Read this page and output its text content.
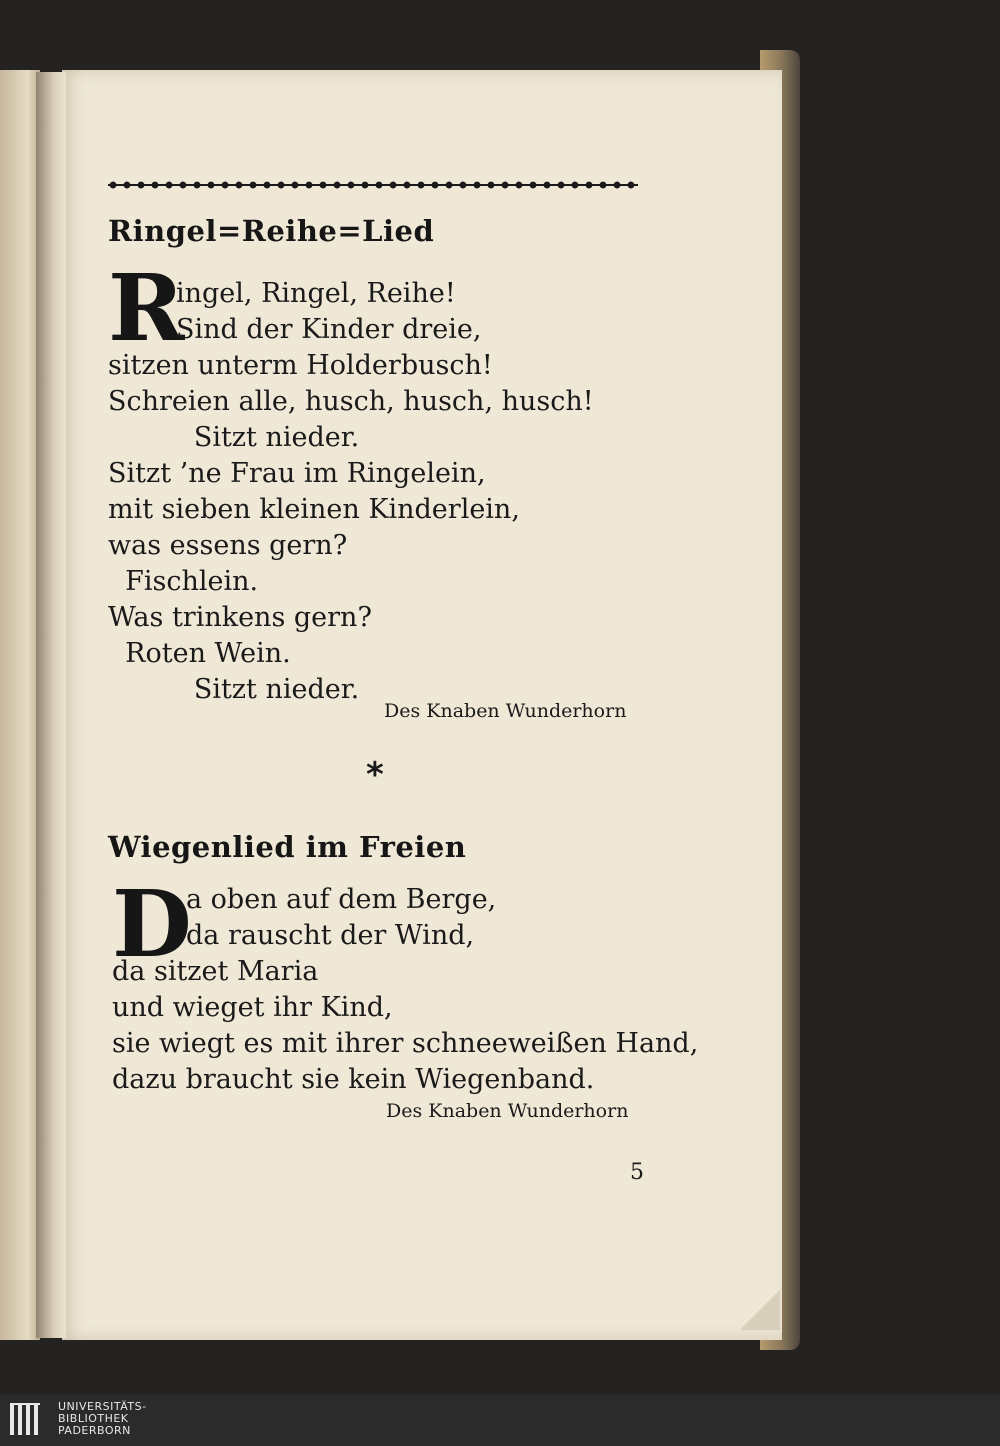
Ringel=Reihe=Lied
R
ingel, Ringel, Reihe!
Sind der Kinder dreie,
sitzen unterm Holderbusch!
Schreien alle, husch, husch, husch!
Sitzt nieder.
Sitzt ’ne Frau im Ringelein,
mit sieben kleinen Kinderlein,
was essens gern?
Fischlein.
Was trinkens gern?
Roten Wein.
Sitzt nieder.
Des Knaben Wunderhorn
*
Wiegenlied im Freien
D
a oben auf dem Berge,
da rauscht der Wind,
da sitzet Maria
und wieget ihr Kind,
sie wiegt es mit ihrer schneeweißen Hand,
dazu braucht sie kein Wiegenband.
Des Knaben Wunderhorn
5
UNIVERSITÄTS-
BIBLIOTHEK
PADERBORN
